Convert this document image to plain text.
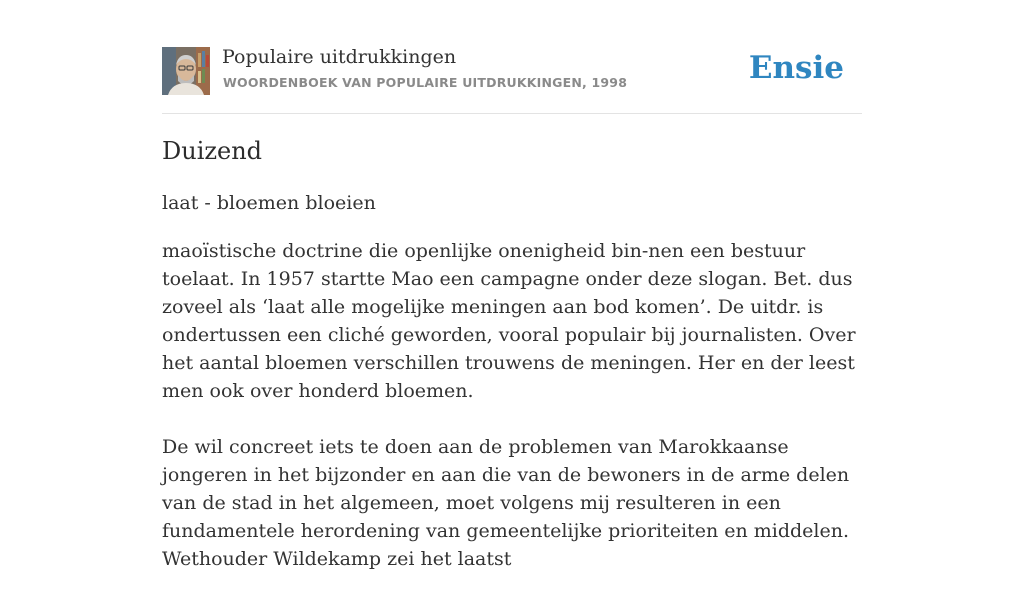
Populaire uitdrukkingen
WOORDENBOEK VAN POPULAIRE UITDRUKKINGEN, 1998	Ensie
Duizend
laat - bloemen bloeien

maoïstische doctrine die openlijke onenigheid bin-nen een bestuur toelaat. In 1957 startte Mao een campagne onder deze slogan. Bet. dus zoveel als ‘laat alle mogelijke meningen aan bod komen’. De uitdr. is ondertussen een cliché geworden, vooral populair bij journalisten. Over het aantal bloemen verschillen trouwens de meningen. Her en der leest men ook over honderd bloemen.

De wil concreet iets te doen aan de problemen van Marokkaanse jongeren in het bijzonder en aan die van de bewoners in de arme delen van de stad in het algemeen, moet volgens mij resulteren in een fundamentele herordening van gemeentelijke prioriteiten en middelen. Wethouder Wildekamp zei het laatst
